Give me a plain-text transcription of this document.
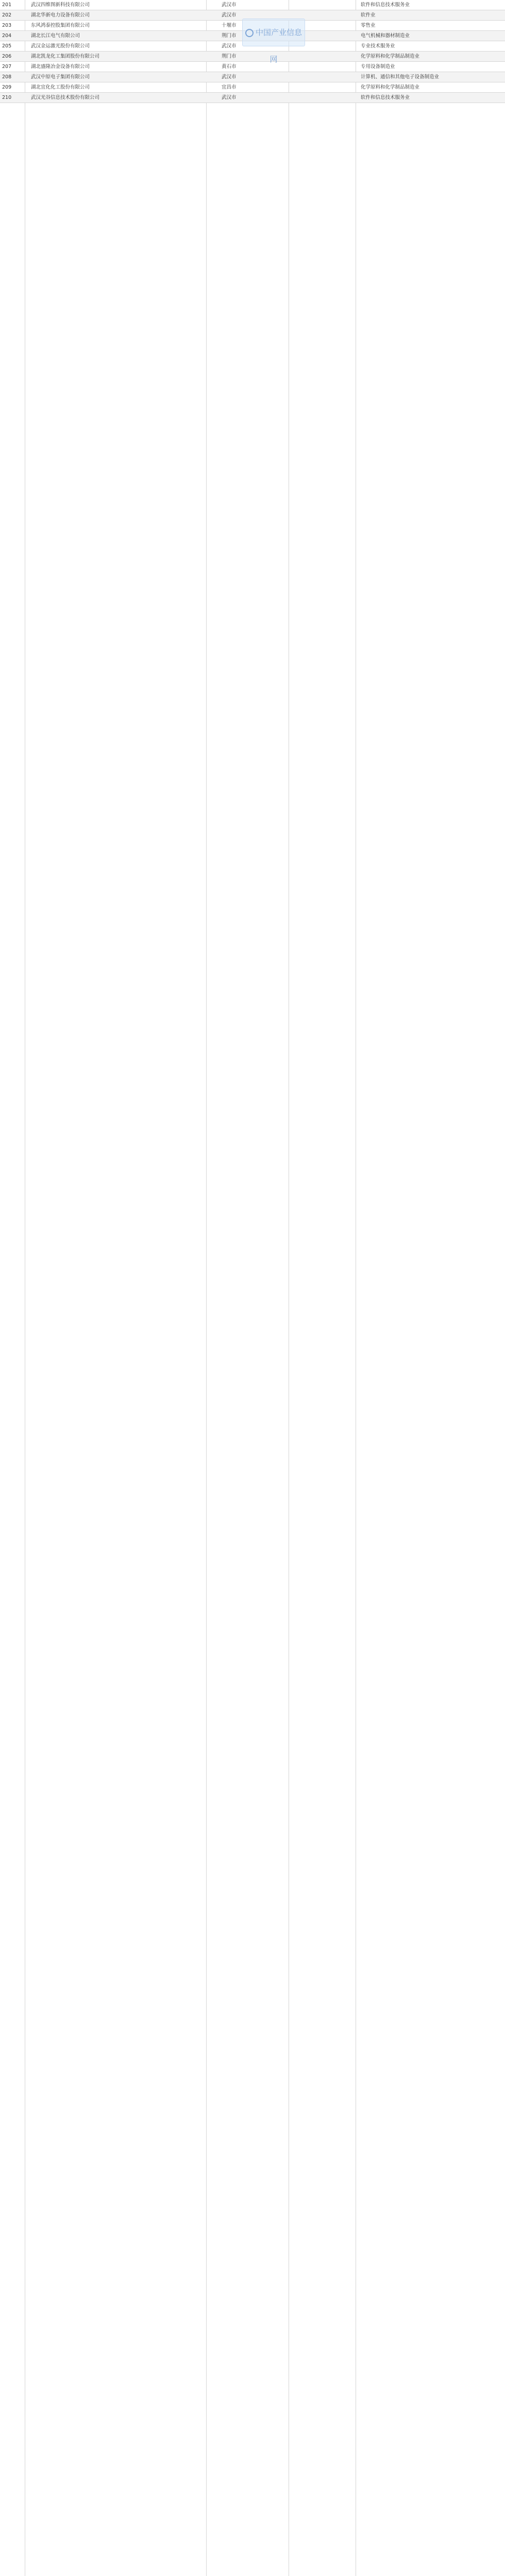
201	武汉四维图新科技有限公司	武汉市	软件和信息技术服务业
202	湖北华新电力设备有限公司	武汉市	软件业
203	东风鸿泰控股集团有限公司	十堰市	零售业
204	湖北长江电气有限公司	荆门市	电气机械和器材制造业
205	武汉金运激光股份有限公司	武汉市	专业技术服务业
206	湖北凯龙化工集团股份有限公司	荆门市	化学原料和化学制品制造业
207	湖北盛隆冶金设备有限公司	黄石市	专用设备制造业
208	武汉中原电子集团有限公司	武汉市	计算机、通信和其他电子设备制造业
209	湖北宜化化工股份有限公司	宜昌市	化学原料和化学制品制造业
210	武汉光谷信息技术股份有限公司	武汉市	软件和信息技术服务业
中国产业信息网
